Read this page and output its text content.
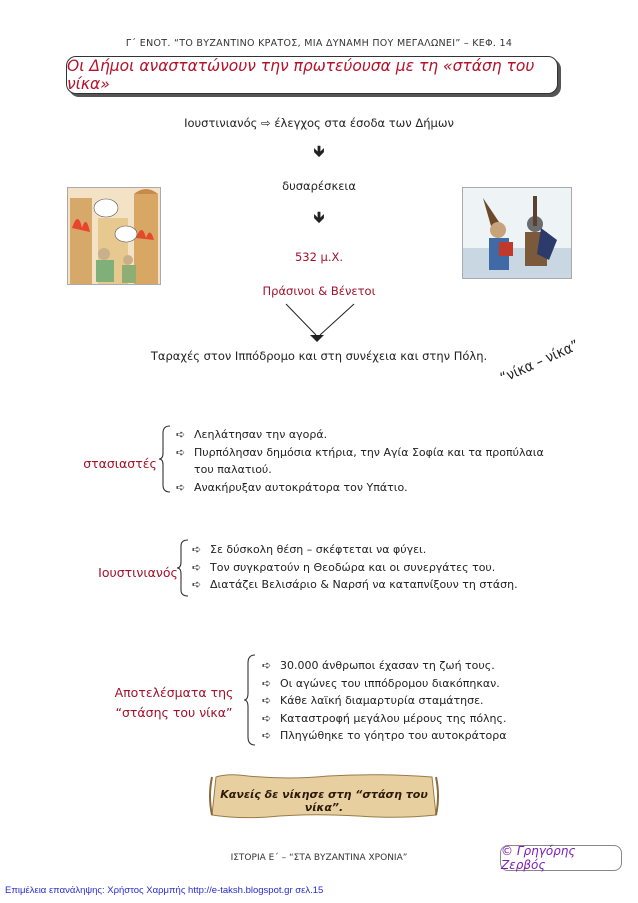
Γ΄ ΕΝΟΤ. “ΤΟ ΒΥΖΑΝΤΙΝΟ ΚΡΑΤΟΣ, ΜΙΑ ΔΥΝΑΜΗ ΠΟΥ ΜΕΓΑΛΩΝΕΙ” – ΚΕΦ. 14
Οι Δήμοι αναστατώνουν την πρωτεύουσα με τη «στάση του νίκα»
Ιουστινιανός ⇨ έλεγχος στα έσοδα των Δήμων
🡻
δυσαρέσκεια
🡻
532 μ.Χ.
Πράσινοι & Βένετοι
Ταραχές στον Ιππόδρομο και στη συνέχεια και στην Πόλη. “νίκα – νίκα”
στασιαστές
➪ Λεηλάτησαν την αγορά.
➪ Πυρπόλησαν δημόσια κτήρια, την Αγία Σοφία και τα προπύλαια
του παλατιού.
➪ Ανακήρυξαν αυτοκράτορα τον Υπάτιο.
Ιουστινιανός
➪ Σε δύσκολη θέση – σκέφτεται να φύγει.
➪ Τον συγκρατούν η Θεοδώρα και οι συνεργάτες του.
➪ Διατάζει Βελισάριο & Ναρσή να καταπνίξουν τη στάση.
Αποτελέσματα της
“στάσης του νίκα”
➪ 30.000 άνθρωποι έχασαν τη ζωή τους.
➪ Οι αγώνες του ιππόδρομου διακόπηκαν.
➪ Κάθε λαϊκή διαμαρτυρία σταμάτησε.
➪ Καταστροφή μεγάλου μέρους της πόλης.
➪ Πληγώθηκε το γόητρο του αυτοκράτορα
Κανείς δε νίκησε στη “στάση του νίκα”.
ΙΣΤΟΡΙΑ Ε΄ – “ΣΤΑ ΒΥΖΑΝΤΙΝΑ ΧΡΟΝΙΑ”	© Γρηγόρης Ζερβός
Επιμέλεια επανάληψης: Χρήστος Χαρμπής http://e-taksh.blogspot.gr σελ.15
